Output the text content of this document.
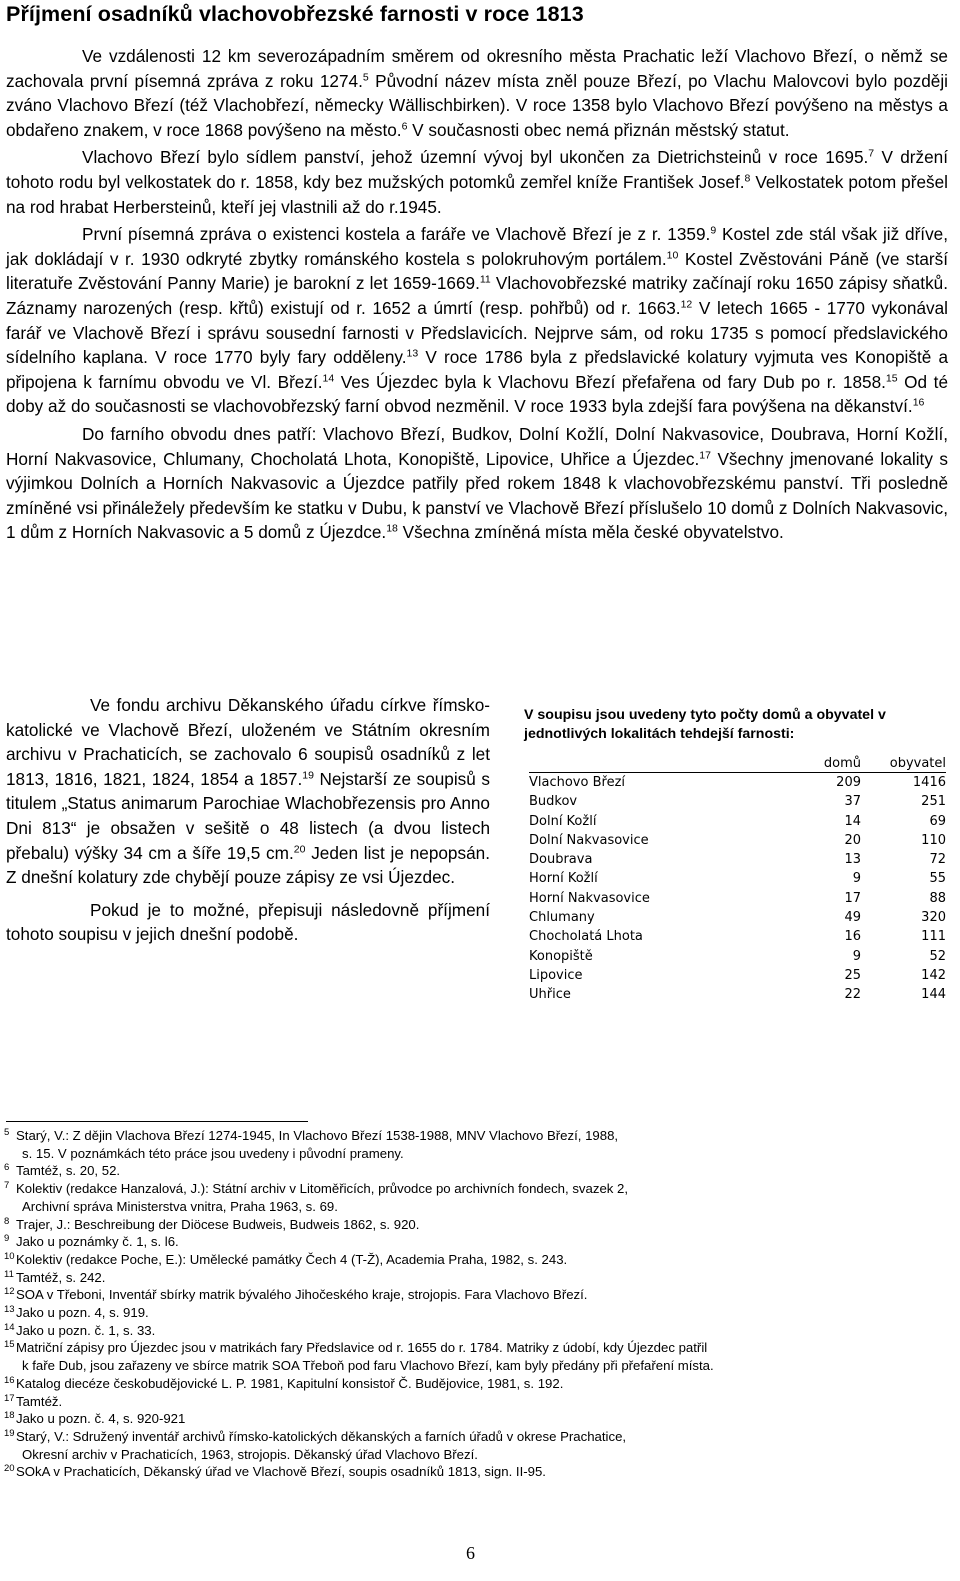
Příjmení osadníků vlachovobřezské farnosti v roce 1813

Ve vzdálenosti 12 km severozápadním směrem od okresního města Prachatic leží Vlachovo Březí, o němž se zachovala první písemná zpráva z roku 1274.$^5$ Původní název místa zněl pouze Březí, po Vlachu Malovcovi bylo později zváno Vlachovo Březí (též Vlachobřezí, německy Wällischbirken). V roce 1358 bylo Vlachovo Březí povýšeno na městys a obdařeno znakem, v roce 1868 povýšeno na město.$^6$ V současnosti obec nemá přiznán městský statut.

Vlachovo Březí bylo sídlem panství, jehož územní vývoj byl ukončen za Dietrichsteinů v roce 1695.$^7$ V držení tohoto rodu byl velkostatek do r. 1858, kdy bez mužských potomků zemřel kníže František Josef.$^8$ Velkostatek potom přešel na rod hrabat Herbersteinů, kteří jej vlastnili až do r.1945.

První písemná zpráva o existenci kostela a faráře ve Vlachově Březí je z r. 1359.$^9$ Kostel zde stál však již dříve, jak dokládají v r. 1930 odkryté zbytky románského kostela s polokruhovým portálem.$^{10}$ Kostel Zvěstováni Páně (ve starší literatuře Zvěstování Panny Marie) je barokní z let 1659-1669.11 Vlachovobřezské matriky začínají roku 1650 zápisy sňatků. Záznamy narozených (resp. křtů) existují od r. 1652 a úmrtí (resp. pohřbů) od r. 1663.12 V letech 1665 - 1770 vykonával farář ve Vlachově Březí i správu sousední farnosti v Předslavicích. Nejprve sám, od roku 1735 s pomocí předslavického sídelního kaplana. V roce 1770 byly fary odděleny.$^{13}$ V roce 1786 byla z předslavické kolatury vyjmuta ves Konopiště a připojena k farnímu obvodu ve Vl. Březí.$^{14}$ Ves Újezdec byla k Vlachovu Březí přefařena od fary Dub po r. 1858.15 Od té doby až do současnosti se vlachovobřezský farní obvod nezměnil. V roce 1933 byla zdejší fara povýšena na děkanství.$^{16}$

Do farního obvodu dnes patří: Vlachovo Březí, Budkov, Dolní Kožlí, Dolní Nakvasovice, Doubrava, Horní Kožlí, Horní Nakvasovice, Chlumany, Chocholatá Lhota, Konopiště, Lipovice, Uhřice a Újezdec.$^{17}$ Všechny jmenované lokality s výjimkou Dolních a Horních Nakvasovic a Újezdce patřily před rokem 1848 k vlachovobřezskému panství. Tři posledně zmíněné vsi přináležely především ke statku v Dubu, k panství ve Vlachově Březí příslušelo 10 domů z Dolních Nakvasovic, 1 dům z Horních Nakvasovic a 5 domů z Újezdce.$^{18}$ Všechna zmíněná místa měla české obyvatelstvo.

Ve fondu archivu Děkanského úřadu církve římsko-katolické ve Vlachově Březí, uloženém ve Státním okresním archivu v Prachaticích, se zachovalo 6 soupisů osadníků z let 1813, 1816, 1821, 1824, 1854 a 1857.19 Nejstarší ze soupisů s titulem „Status animarum Parochiae Wlachobřezensis pro Anno Dni 813“ je obsažen v sešitě o 48 listech (a dvou listech přebalu) výšky 34 cm a šíře 19,5 cm.$^{20}$ Jeden list je nepopsán. Z dnešní kolatury zde chybějí pouze zápisy ze vsi Újezdec.

Pokud je to možné, přepisuji následovně příjmení tohoto soupisu v jejich dnešní podobě.

V soupisu jsou uvedeny tyto počty domů a obyvatel v jednotlivých lokalitách tehdejší farnosti:
domů obyvatel
Vlachovo Březí	209	1416
Budkov	37	251
Dolní Kožlí	14	69
Dolní Nakvasovice	20	110
Doubrava	13	72
Horní Kožlí	9	55
Horní Nakvasovice	17	88
Chlumany	49	320
Chocholatá Lhota	16	111
Konopiště	9	52
Lipovice	25	142
Uhřice	22	144
5 Starý, V.: Z dějin Vlachova Březí 1274-1945, In Vlachovo Březí 1538-1988, MNV Vlachovo Březí, 1988,
s. 15. V poznámkách této práce jsou uvedeny i původní prameny.
6 Tamtéž, s. 20, 52.
7 Kolektiv (redakce Hanzalová, J.): Státní archiv v Litoměřicích, průvodce po archivních fondech, svazek 2,
Archivní správa Ministerstva vnitra, Praha 1963, s. 69.
8 Trajer, J.: Beschreibung der Diöcese Budweis, Budweis 1862, s. 920.
9 Jako u poznámky č. 1, s. l6.
10 Kolektiv (redakce Poche, E.): Umělecké památky Čech 4 (T-Ž), Academia Praha, 1982, s. 243.
11 Tamtéž, s. 242.
12 SOA v Třeboni, Inventář sbírky matrik bývalého Jihočeského kraje, strojopis. Fara Vlachovo Březí.
13 Jako u pozn. 4, s. 919.
14 Jako u pozn. č. 1, s. 33.
15 Matriční zápisy pro Újezdec jsou v matrikách fary Předslavice od r. 1655 do r. 1784. Matriky z údobí, kdy Újezdec patřil
k faře Dub, jsou zařazeny ve sbírce matrik SOA Třeboň pod faru Vlachovo Březí, kam byly předány při přefaření místa.
16 Katalog diecéze českobudějovické L. P. 1981, Kapitulní konsistoř Č. Budějovice, 1981, s. 192.
17 Tamtéž.
18 Jako u pozn. č. 4, s. 920-921
19 Starý, V.: Sdružený inventář archivů římsko-katolických děkanských a farních úřadů v okrese Prachatice,
Okresní archiv v Prachaticích, 1963, strojopis. Děkanský úřad Vlachovo Březí.
20 SOkA v Prachaticích, Děkanský úřad ve Vlachově Březí, soupis osadníků 1813, sign. II-95.
6
